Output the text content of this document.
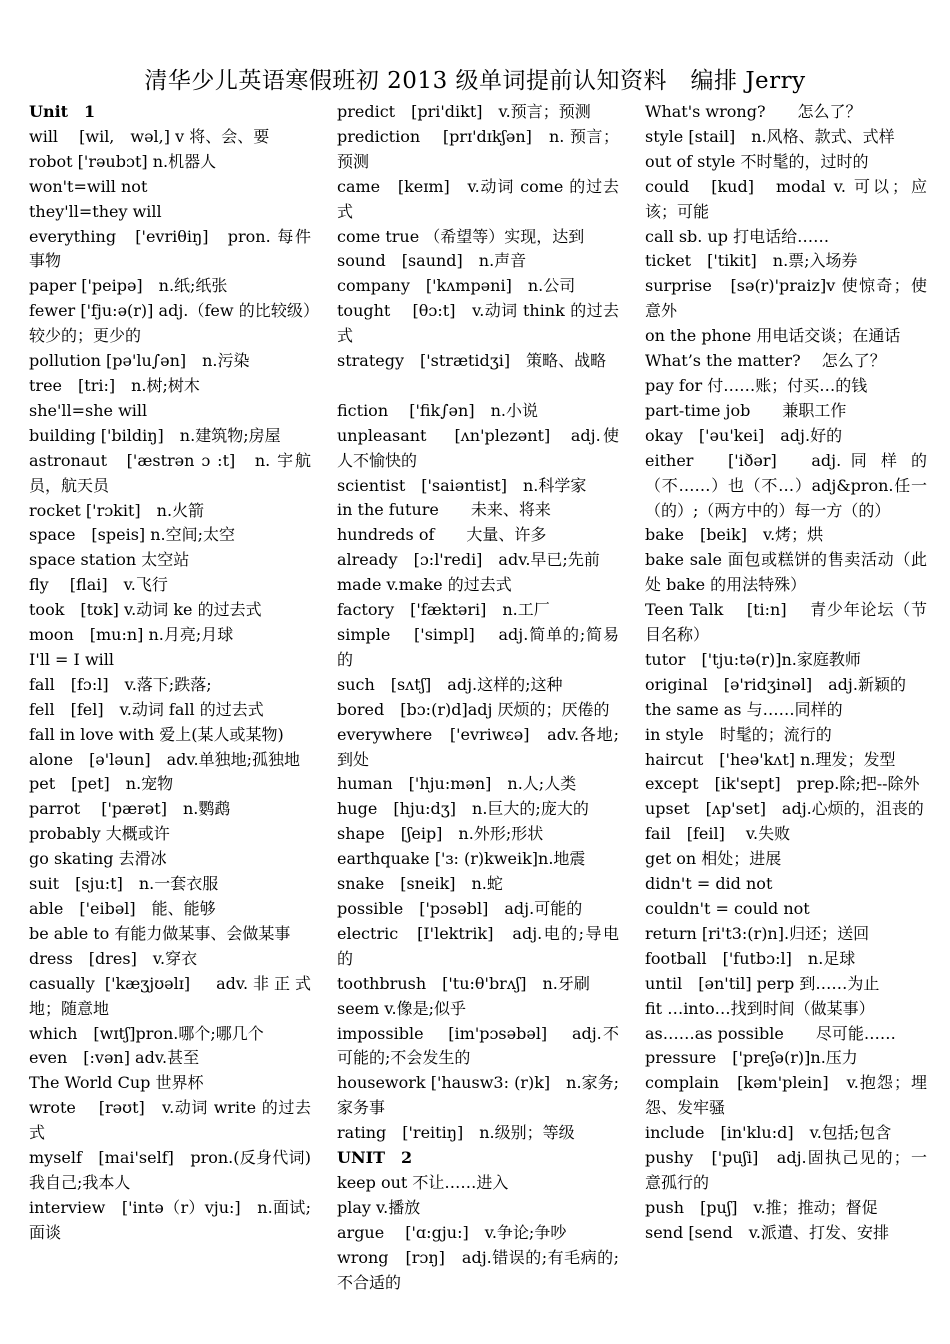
清华少儿英语寒假班初 2013 级单词提前认知资料　编排 Jerry
Unit　1
will　 [wil,　wəl,] v 将、会、要
robot ['rəubɔt] n.机器人
won't=will not
they'll=they will
everything　['evriθiŋ]　pron. 每件事物
paper ['peipə]　n.纸;纸张
fewer ['fju:ə(r)] adj.（few 的比较级）较少的；更少的
pollution [pə'lu∫ən]　n.污染
tree　[tri:]　n.树;树木
she'll=she will
building ['bildiŋ]　n.建筑物;房屋
astronaut　['æstrən ɔ :t]　n. 宇航员，航天员
rocket ['rɔkit]　n.火箭
space　[speis] n.空间;太空
space station 太空站
fly　 [flai]　v.飞行
took　[tʊk] v.动词 ke 的过去式
moon　[mu:n] n.月亮;月球
I'll = I will
fall　[fɔ:l]　v.落下;跌落;
fell　[fel]　v.动词 fall 的过去式
fall in love with 爱上(某人或某物)
alone　[ə'ləun]　adv.单独地;孤独地
pet　[pet]　n.宠物
parrot　 ['pærət]　n.鹦鹉
probably 大概或许
go skating 去滑冰
suit　[sju:t]　n.一套衣服
able　['eibəl]　能、能够
be able to 有能力做某事、会做某事
dress　[dres]　v.穿衣
casually ['kæʒjʊəlɪ]　adv.非正式地；随意地
which　[wɪtʃ]pron.哪个;哪几个
even　[:vən] adv.甚至
The World Cup 世界杯
wrote　 [rəʊt]　v.动词 write 的过去式
myself　[mai'self]　pron.(反身代词)我自己;我本人
interview　['intə（r）vju:]　n.面试;面谈
predict　[pri'dikt]　v.预言；预测
prediction　 [prɪ'dɪkʃən]　n. 预言；预测
came　[keɪm]　v.动词 come 的过去式
come true （希望等）实现，达到
sound　[saund]　n.声音
company　['kʌmpəni]　n.公司
tought　 [θɔ:t]　v.动词 think 的过去式
strategy　['strætidʒi]　策略、战略
fiction　 ['fik∫ən]　n.小说
unpleasant　 [ʌn'plezənt]　adj.使人不愉快的
scientist　['saiəntist]　n.科学家
in the future　　未来、将来
hundreds of　　大量、许多
already　[ɔ:l'redi]　adv.早已;先前
made v.make 的过去式
factory　['fæktəri]　n.工厂
simple　 ['simpl]　 adj.简单的;简易的
such　[sʌtʃ]　adj.这样的;这种
bored　[bɔ:(r)d]adj 厌烦的；厌倦的
everywhere　['evriwɛə]　adv.各地;到处
human　['hju:mən]　n.人;人类
huge　[hju:dʒ]　n.巨大的;庞大的
shape　[ʃeip]　n.外形;形状
earthquake ['ɜ: (r)kweik]n.地震
snake　[sneik]　n.蛇
possible　['pɔsəbl]　adj.可能的
electric　[I'lektrik]　adj.电的;导电的
toothbrush　['tu:θ'brʌʃ]　n.牙刷
seem v.像是;似乎
impossible　 [im'pɔsəbəl]　 adj.不可能的;不会发生的
housework ['hausw3: (r)k]　n.家务;家务事
rating　['reitiŋ]　n.级别；等级
UNIT　2
keep out 不让……进入
play v.播放
argue　 ['ɑ:gju:]　v.争论;争吵
wrong　[rɔŋ]　adj.错误的;有毛病的;不合适的
What's wrong?　　怎么了？
style [stail]　n.风格、款式、式样
out of style 不时髦的，过时的
could　[kud]　modal v. 可以；应该；可能
call sb. up 打电话给……
ticket　['tikit]　n.票;入场券
surprise　[sə(r)'praiz]v 使惊奇；使意外
on the phone 用电话交谈；在通话
What’s the matter?　 怎么了？
pay for 付……账；付买…的钱
part-time job　　兼职工作
okay　['əu'kei]　adj.好的
either　 ['iðər]　 adj. 同 样 的（不……）也（不…）adj&pron.任一（的）;（两方中的）每一方（的）
bake　[beik]　v.烤；烘
bake sale 面包或糕饼的售卖活动（此处 bake 的用法特殊）
Teen Talk　 [ti:n]　 青少年论坛（节目名称）
tutor　['tju:tə(r)]n.家庭教师
original　[ə'ridʒinəl]　adj.新颖的
the same as 与……同样的
in style　时髦的；流行的
haircut　['heə'kʌt] n.理发；发型
except　[ik'sept]　prep.除;把--除外
upset　[ʌp'set]　adj.心烦的，沮丧的
fail　[feil]　 v.失败
get on 相处；进展
didn't = did not
couldn't = could not
return [ri't3:(r)n].归还；送回
football　['futbɔ:l]　n.足球
until　[ən'til] perp 到……为止
fit …into…找到时间（做某事）
as……as possible　　尽可能……
pressure　['preʃə(r)]n.压力
complain　[kəm'plein]　v.抱怨；埋怨、发牢骚
include　[in'klu:d]　v.包括;包含
pushy　['puʃi]　adj.固执己见的；一意孤行的
push　[puʃ]　v.推；推动；督促
send [send　v.派遣、打发、安排
